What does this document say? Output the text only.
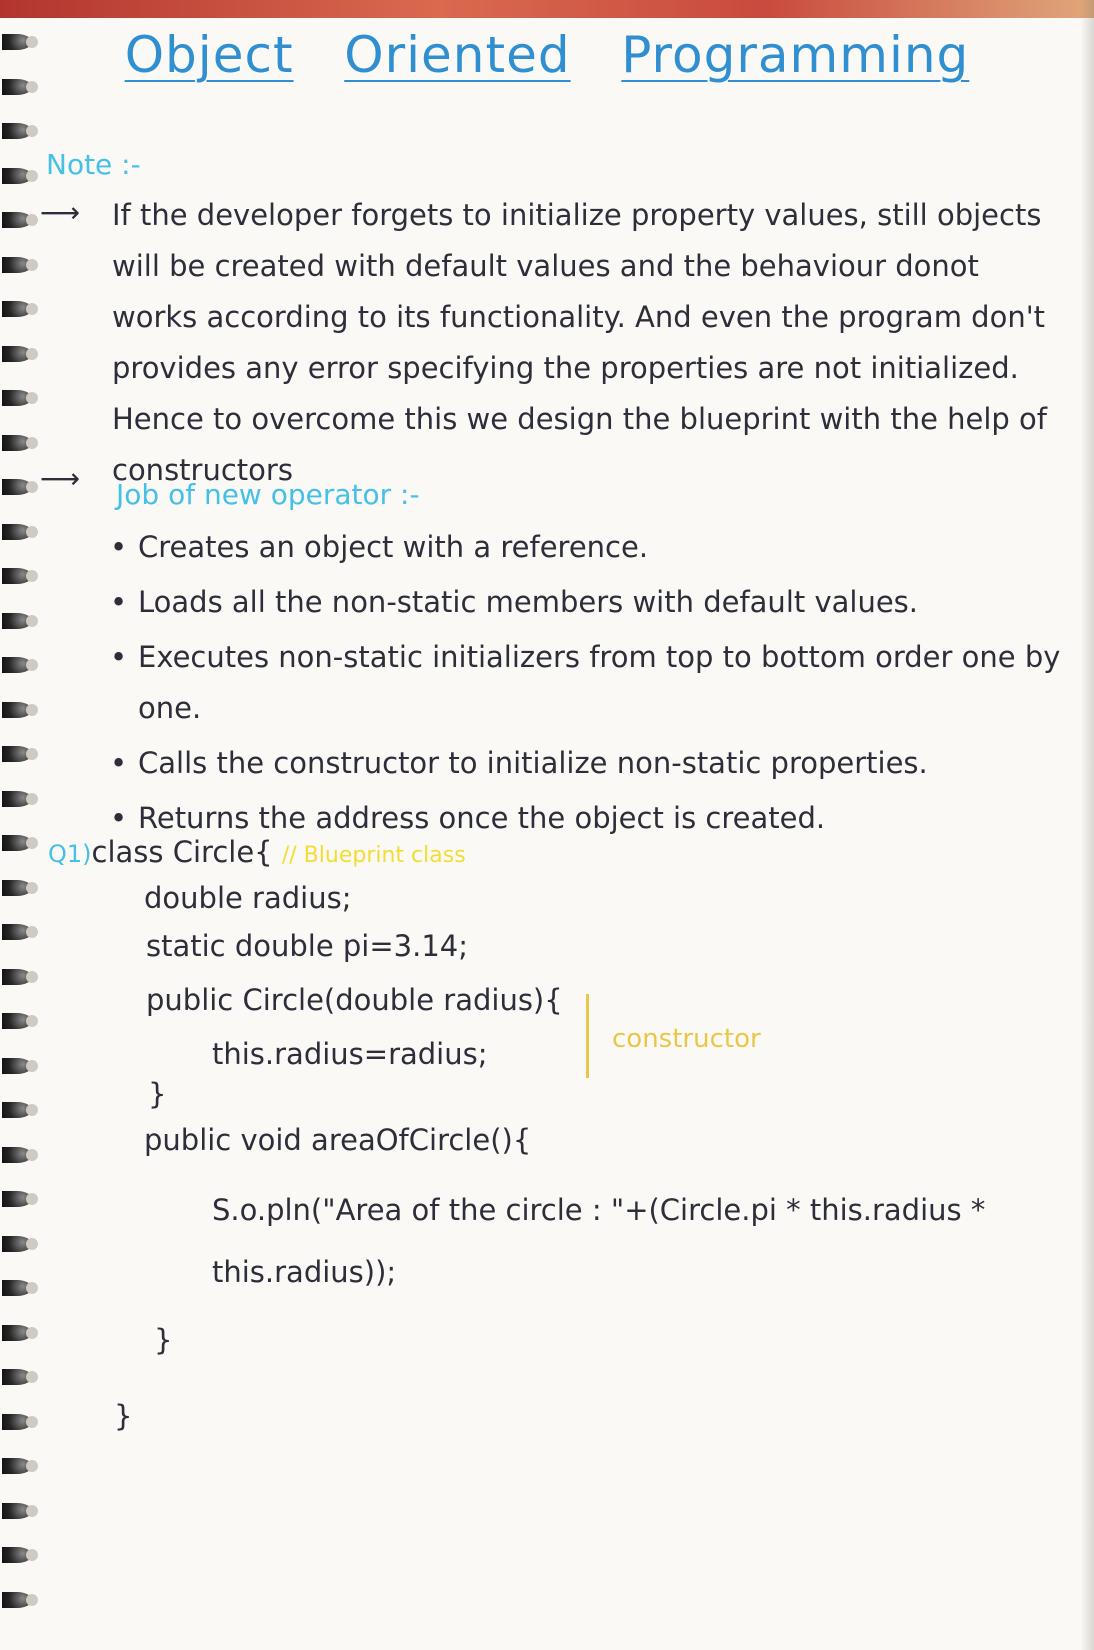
Object Oriented Programming
Note :-
⟶ If the developer forgets to initialize property values, still objects will be created with default values and the behaviour donot works according to its functionality. And even the program don't provides any error specifying the properties are not initialized. Hence to overcome this we design the blueprint with the help of constructors
⟶ Job of new operator :-
• Creates an object with a reference.
• Loads all the non-static members with default values.
• Executes non-static initializers from top to bottom order one by one.
• Calls the constructor to initialize non-static properties.
• Returns the address once the object is created.
Q1)class Circle{ // Blueprint class
double radius;
static double pi=3.14;
public Circle(double radius){
this.radius=radius;
}
public void areaOfCircle(){
S.o.pln("Area of the circle : "+(Circle.pi * this.radius *
this.radius));
}
}
constructor
